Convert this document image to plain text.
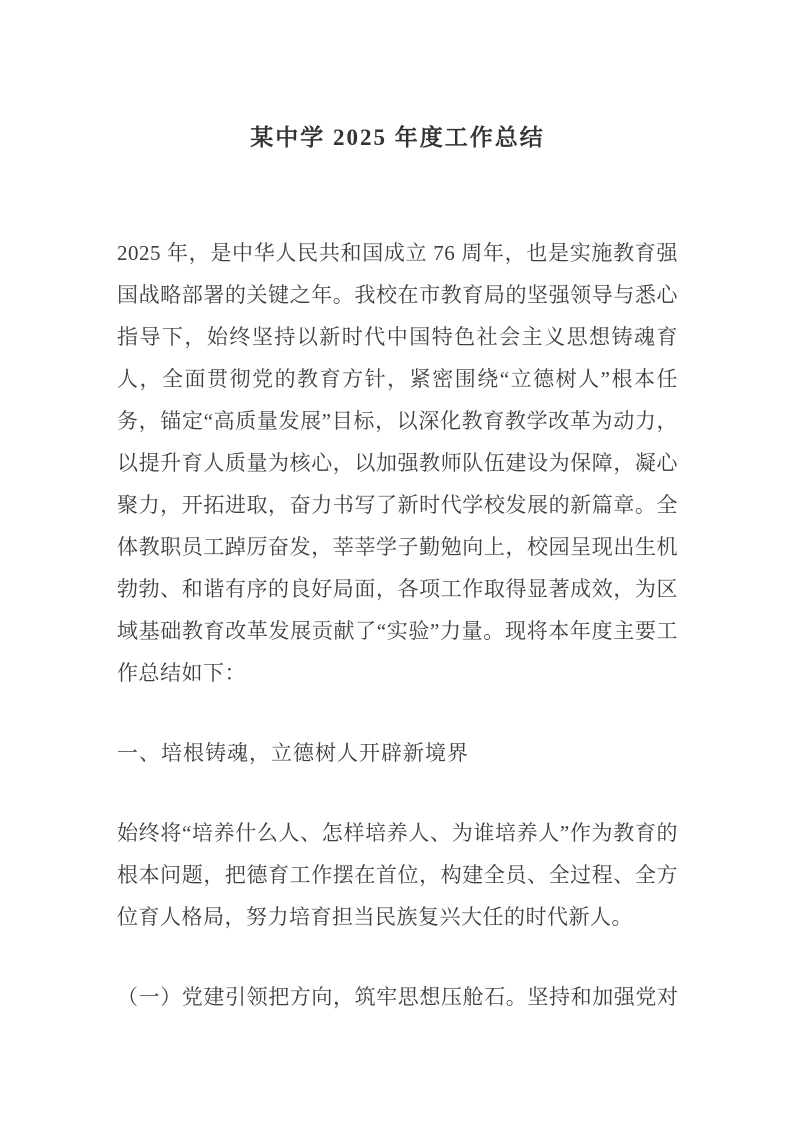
某中学 2025 年度工作总结

2025 年，是中华人民共和国成立 76 周年，也是实施教育强国战略部署的关键之年。我校在市教育局的坚强领导与悉心指导下，始终坚持以新时代中国特色社会主义思想铸魂育人，全面贯彻党的教育方针，紧密围绕“立德树人”根本任务，锚定“高质量发展”目标，以深化教育教学改革为动力，以提升育人质量为核心，以加强教师队伍建设为保障，凝心聚力，开拓进取，奋力书写了新时代学校发展的新篇章。全体教职员工踔厉奋发，莘莘学子勤勉向上，校园呈现出生机勃勃、和谐有序的良好局面，各项工作取得显著成效，为区域基础教育改革发展贡献了“实验”力量。现将本年度主要工作总结如下：

一、培根铸魂，立德树人开辟新境界

始终将“培养什么人、怎样培养人、为谁培养人”作为教育的根本问题，把德育工作摆在首位，构建全员、全过程、全方位育人格局，努力培育担当民族复兴大任的时代新人。

（一）党建引领把方向，筑牢思想压舱石。坚持和加强党对
